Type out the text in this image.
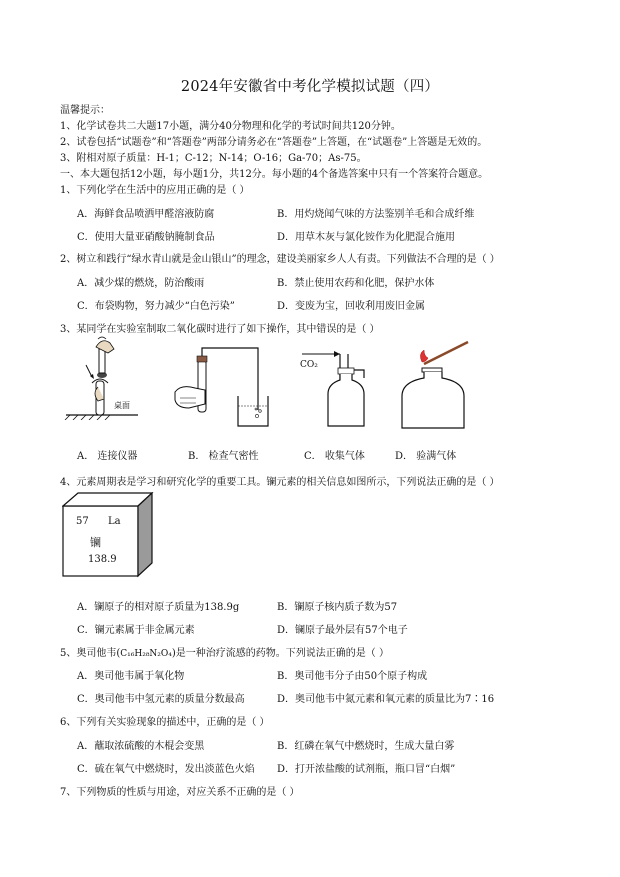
2024年安徽省中考化学模拟试题（四）
温馨提示：
1、化学试卷共二大题17小题，满分40分物理和化学的考试时间共120分钟。
2、试卷包括“试题卷”和“答题卷”两部分请务必在“答题卷”上答题，在“试题卷”上答题是无效的。
3、附相对原子质量：H-1；C-12；N-14；O-16；Ga-70；As-75。
一、本大题包括12小题，每小题1分，共12分。每小题的4个备选答案中只有一个答案符合题意。
1、下列化学在生活中的应用正确的是（ ）
A．海鲜食品喷洒甲醛溶液防腐	B．用灼烧闻气味的方法鉴别羊毛和合成纤维
C．使用大量亚硝酸钠腌制食品	D．用草木灰与氯化铵作为化肥混合施用
2、树立和践行“绿水青山就是金山银山”的理念，建设美丽家乡人人有责。下列做法不合理的是（ ）
A．减少煤的燃烧，防治酸雨	B．禁止使用农药和化肥，保护水体
C．布袋购物，努力减少“白色污染”	D．变废为宝，回收利用废旧金属
3、某同学在实验室制取二氧化碳时进行了如下操作，其中错误的是（ ）
桌面
CO₂
A． 连接仪器	B． 检查气密性	C． 收集气体	D． 验满气体
4、元素周期表是学习和研究化学的重要工具。镧元素的相关信息如图所示，下列说法正确的是（ ）
57 La
镧
138.9
A．镧原子的相对原子质量为138.9g	B．镧原子核内质子数为57
C．镧元素属于非金属元素	D．镧原子最外层有57个电子
5、奥司他韦(C₁₆H₂₈N₂O₄)是一种治疗流感的药物。下列说法正确的是（ ）
A．奥司他韦属于氧化物	B．奥司他韦分子由50个原子构成
C．奥司他韦中氢元素的质量分数最高	D．奥司他韦中氮元素和氧元素的质量比为7∶16
6、下列有关实验现象的描述中，正确的是（ ）
A．蘸取浓硫酸的木棍会变黑	B．红磷在氧气中燃烧时，生成大量白雾
C．硫在氧气中燃烧时，发出淡蓝色火焰 D．打开浓盐酸的试剂瓶，瓶口冒“白烟”
7、下列物质的性质与用途，对应关系不正确的是（ ）
